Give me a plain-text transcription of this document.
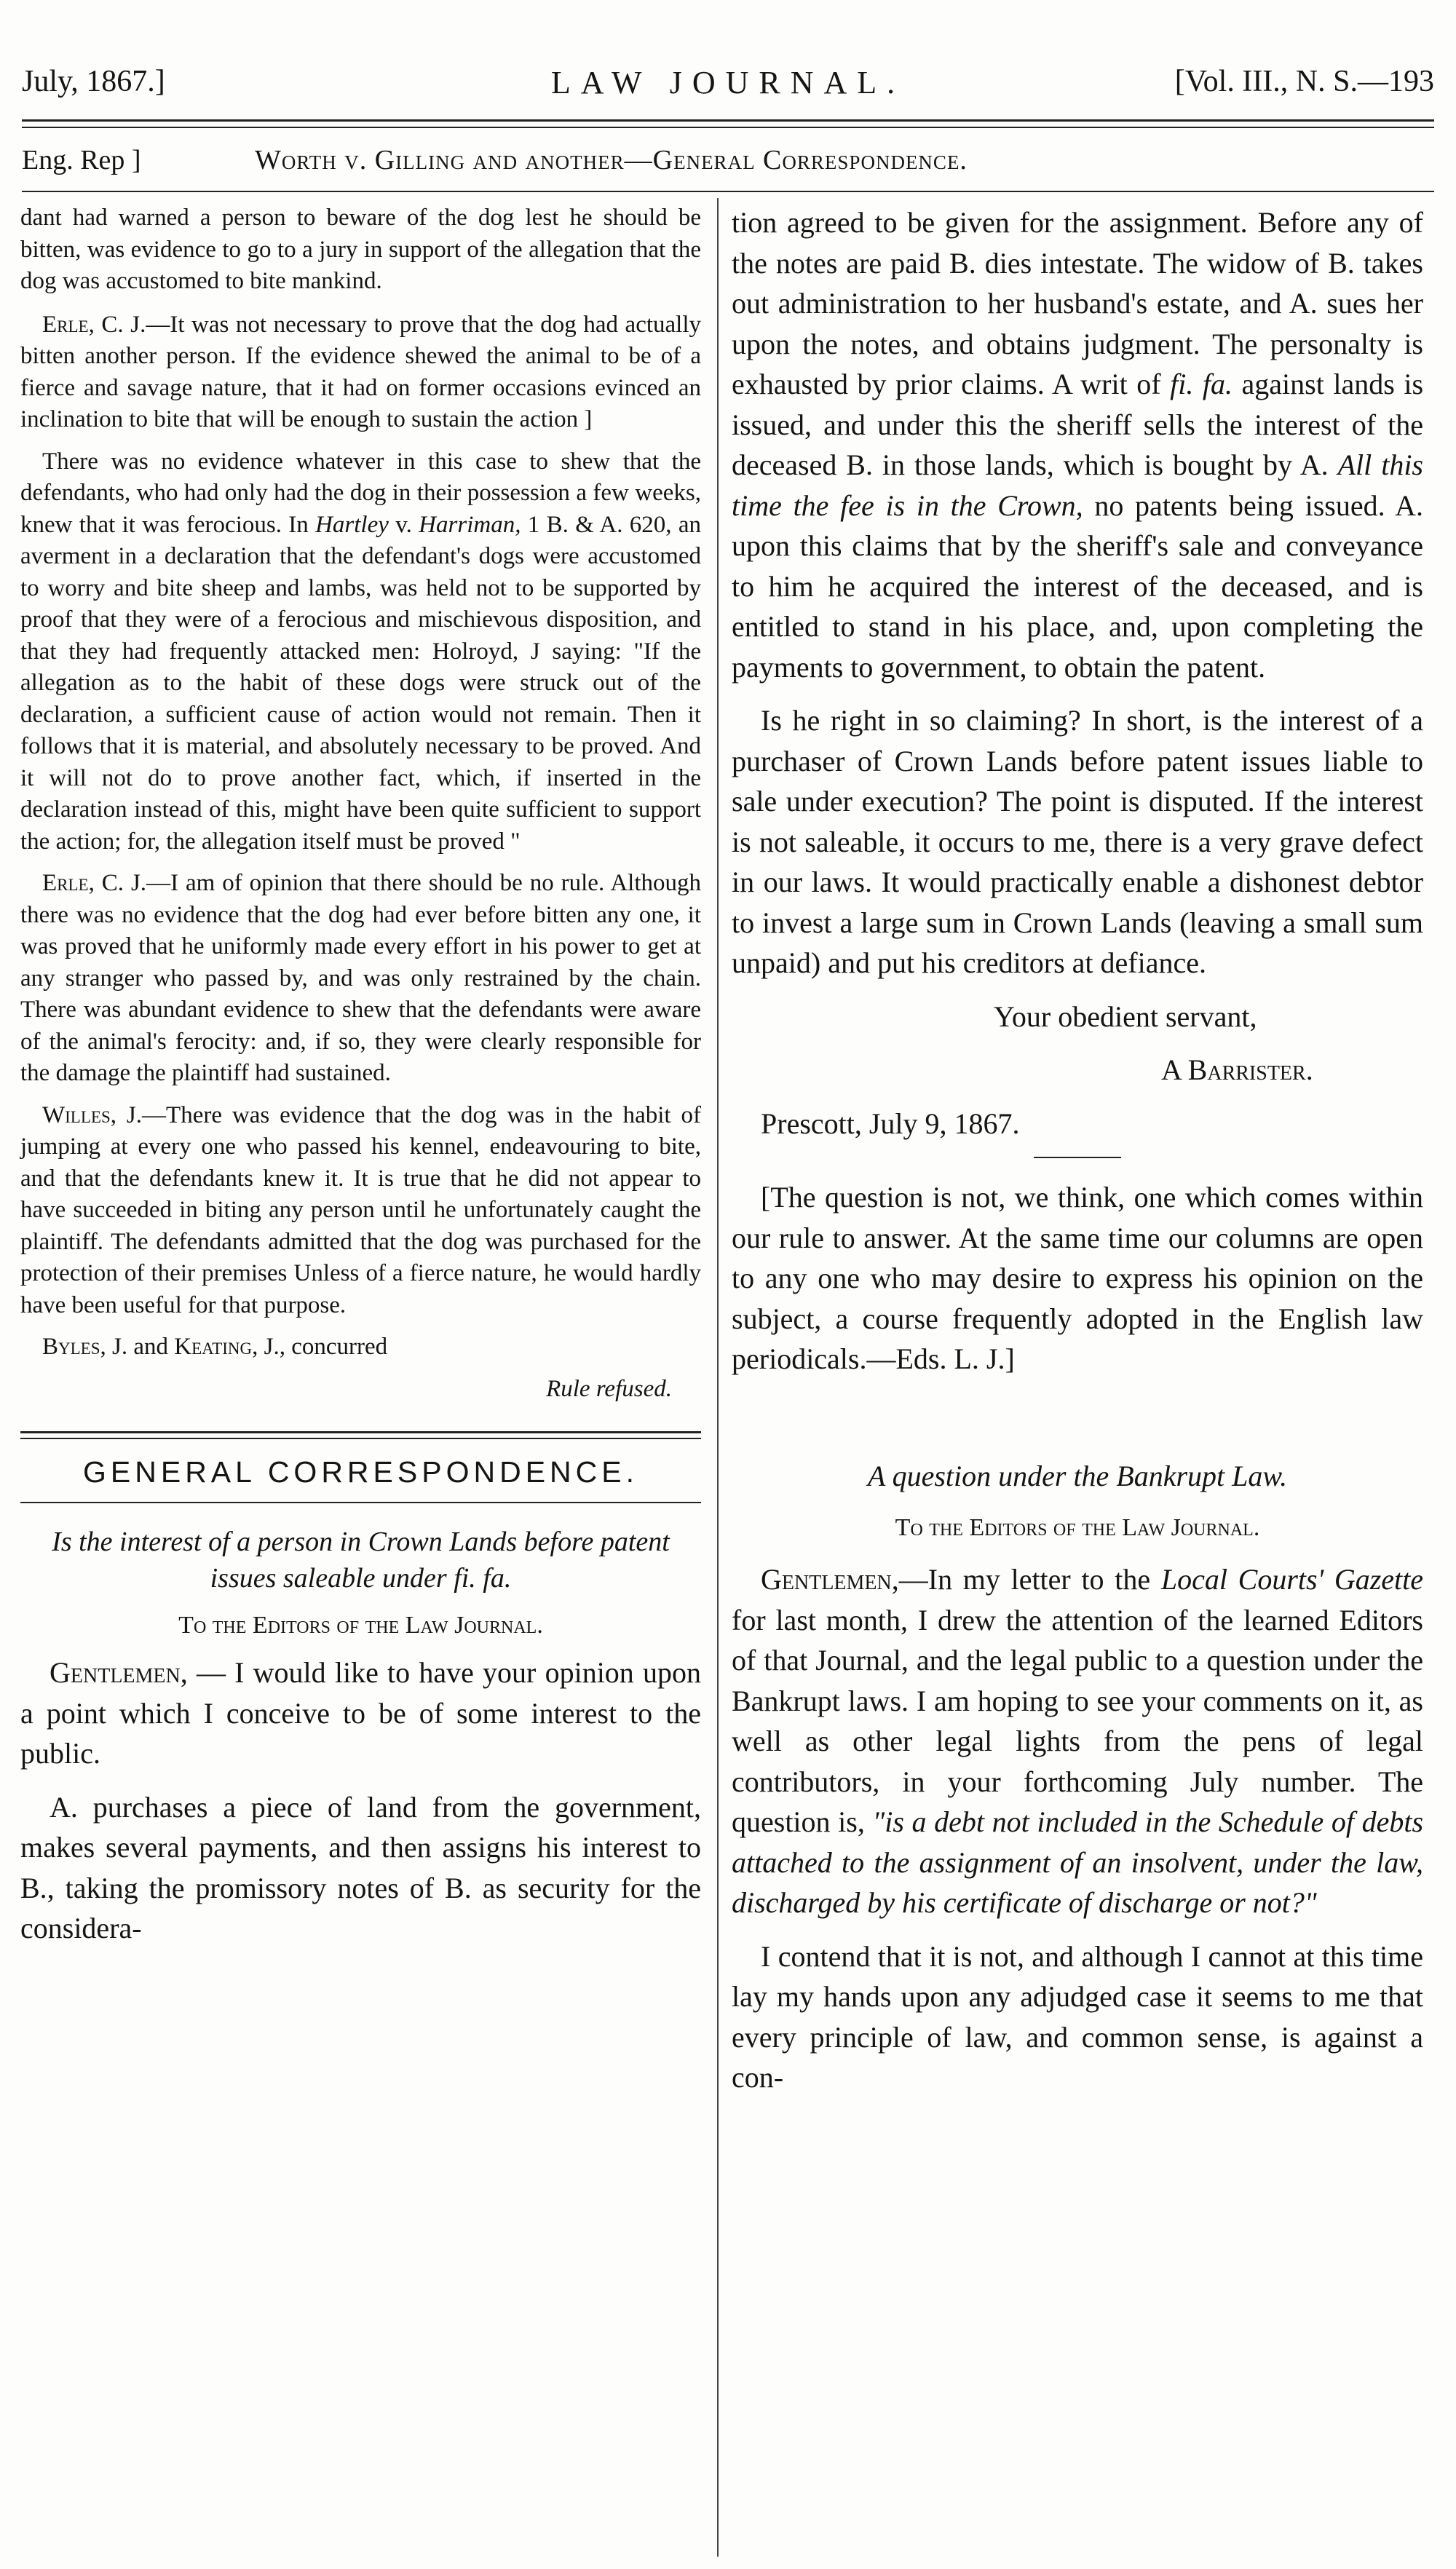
July, 1867.]	LAW JOURNAL.	[Vol. III., N. S.—193
Eng. Rep ]	Worth v. Gilling and another—General Correspondence.

dant had warned a person to beware of the dog lest he should be bitten, was evidence to go to a jury in support of the allegation that the dog was accustomed to bite mankind.

Erle, C. J.—It was not necessary to prove that the dog had actually bitten another person. If the evidence shewed the animal to be of a fierce and savage nature, that it had on former occasions evinced an inclination to bite that will be enough to sustain the action ]

There was no evidence whatever in this case to shew that the defendants, who had only had the dog in their possession a few weeks, knew that it was ferocious. In Hartley v. Harriman, 1 B. & A. 620, an averment in a declaration that the defendant's dogs were accustomed to worry and bite sheep and lambs, was held not to be supported by proof that they were of a ferocious and mischievous disposition, and that they had frequently attacked men: Holroyd, J saying: "If the allegation as to the habit of these dogs were struck out of the declaration, a sufficient cause of action would not remain. Then it follows that it is material, and absolutely necessary to be proved. And it will not do to prove another fact, which, if inserted in the declaration instead of this, might have been quite sufficient to support the action; for, the allegation itself must be proved "

Erle, C. J.—I am of opinion that there should be no rule. Although there was no evidence that the dog had ever before bitten any one, it was proved that he uniformly made every effort in his power to get at any stranger who passed by, and was only restrained by the chain. There was abundant evidence to shew that the defendants were aware of the animal's ferocity: and, if so, they were clearly responsible for the damage the plaintiff had sustained.

Willes, J.—There was evidence that the dog was in the habit of jumping at every one who passed his kennel, endeavouring to bite, and that the defendants knew it. It is true that he did not appear to have succeeded in biting any person until he unfortunately caught the plaintiff. The defendants admitted that the dog was purchased for the protection of their premises Unless of a fierce nature, he would hardly have been useful for that purpose.

Byles, J. and Keating, J., concurred

Rule refused.

GENERAL CORRESPONDENCE.

Is the interest of a person in Crown Lands before patent issues saleable under fi. fa.

To the Editors of the Law Journal.

Gentlemen, — I would like to have your opinion upon a point which I conceive to be of some interest to the public.

A. purchases a piece of land from the government, makes several payments, and then assigns his interest to B., taking the promissory notes of B. as security for the considera-

tion agreed to be given for the assignment. Before any of the notes are paid B. dies intestate. The widow of B. takes out administration to her husband's estate, and A. sues her upon the notes, and obtains judgment. The personalty is exhausted by prior claims. A writ of fi. fa. against lands is issued, and under this the sheriff sells the interest of the deceased B. in those lands, which is bought by A. All this time the fee is in the Crown, no patents being issued. A. upon this claims that by the sheriff's sale and conveyance to him he acquired the interest of the deceased, and is entitled to stand in his place, and, upon completing the payments to government, to obtain the patent.

Is he right in so claiming? In short, is the interest of a purchaser of Crown Lands before patent issues liable to sale under execution? The point is disputed. If the interest is not saleable, it occurs to me, there is a very grave defect in our laws. It would practically enable a dishonest debtor to invest a large sum in Crown Lands (leaving a small sum unpaid) and put his creditors at defiance.

Your obedient servant,

A Barrister.

Prescott, July 9, 1867.

[The question is not, we think, one which comes within our rule to answer. At the same time our columns are open to any one who may desire to express his opinion on the subject, a course frequently adopted in the English law periodicals.—Eds. L. J.]

A question under the Bankrupt Law.

To the Editors of the Law Journal.

Gentlemen,—In my letter to the Local Courts' Gazette for last month, I drew the attention of the learned Editors of that Journal, and the legal public to a question under the Bankrupt laws. I am hoping to see your comments on it, as well as other legal lights from the pens of legal contributors, in your forthcoming July number. The question is, "is a debt not included in the Schedule of debts attached to the assignment of an insolvent, under the law, discharged by his certificate of discharge or not?"

I contend that it is not, and although I cannot at this time lay my hands upon any adjudged case it seems to me that every principle of law, and common sense, is against a con-
